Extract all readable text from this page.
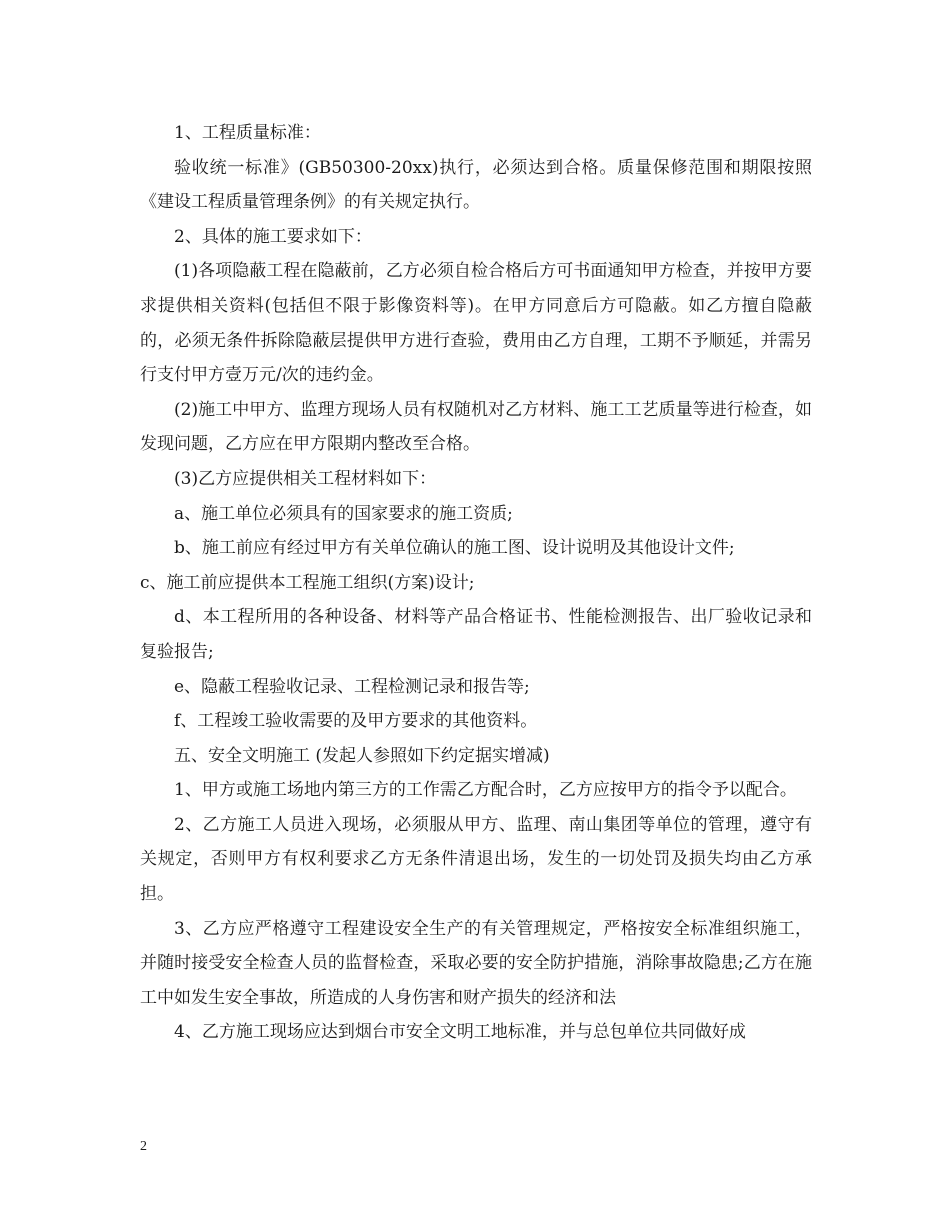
1、工程质量标准：

验收统一标准》(GB50300-20xx)执行，必须达到合格。质量保修范围和期限按照《建设工程质量管理条例》的有关规定执行。

2、具体的施工要求如下：

(1)各项隐蔽工程在隐蔽前，乙方必须自检合格后方可书面通知甲方检查，并按甲方要求提供相关资料(包括但不限于影像资料等)。在甲方同意后方可隐蔽。如乙方擅自隐蔽的，必须无条件拆除隐蔽层提供甲方进行查验，费用由乙方自理，工期不予顺延，并需另行支付甲方壹万元/次的违约金。

(2)施工中甲方、监理方现场人员有权随机对乙方材料、施工工艺质量等进行检查，如发现问题，乙方应在甲方限期内整改至合格。

(3)乙方应提供相关工程材料如下：

a、施工单位必须具有的国家要求的施工资质;

b、施工前应有经过甲方有关单位确认的施工图、设计说明及其他设计文件;

c、施工前应提供本工程施工组织(方案)设计;

d、本工程所用的各种设备、材料等产品合格证书、性能检测报告、出厂验收记录和复验报告;

e、隐蔽工程验收记录、工程检测记录和报告等;

f、工程竣工验收需要的及甲方要求的其他资料。

五、安全文明施工 (发起人参照如下约定据实增减)

1、甲方或施工场地内第三方的工作需乙方配合时，乙方应按甲方的指令予以配合。

2、乙方施工人员进入现场，必须服从甲方、监理、南山集团等单位的管理，遵守有关规定，否则甲方有权利要求乙方无条件清退出场，发生的一切处罚及损失均由乙方承担。

3、乙方应严格遵守工程建设安全生产的有关管理规定，严格按安全标准组织施工，并随时接受安全检查人员的监督检查，采取必要的安全防护措施，消除事故隐患;乙方在施工中如发生安全事故，所造成的人身伤害和财产损失的经济和法

4、乙方施工现场应达到烟台市安全文明工地标准，并与总包单位共同做好成

2
